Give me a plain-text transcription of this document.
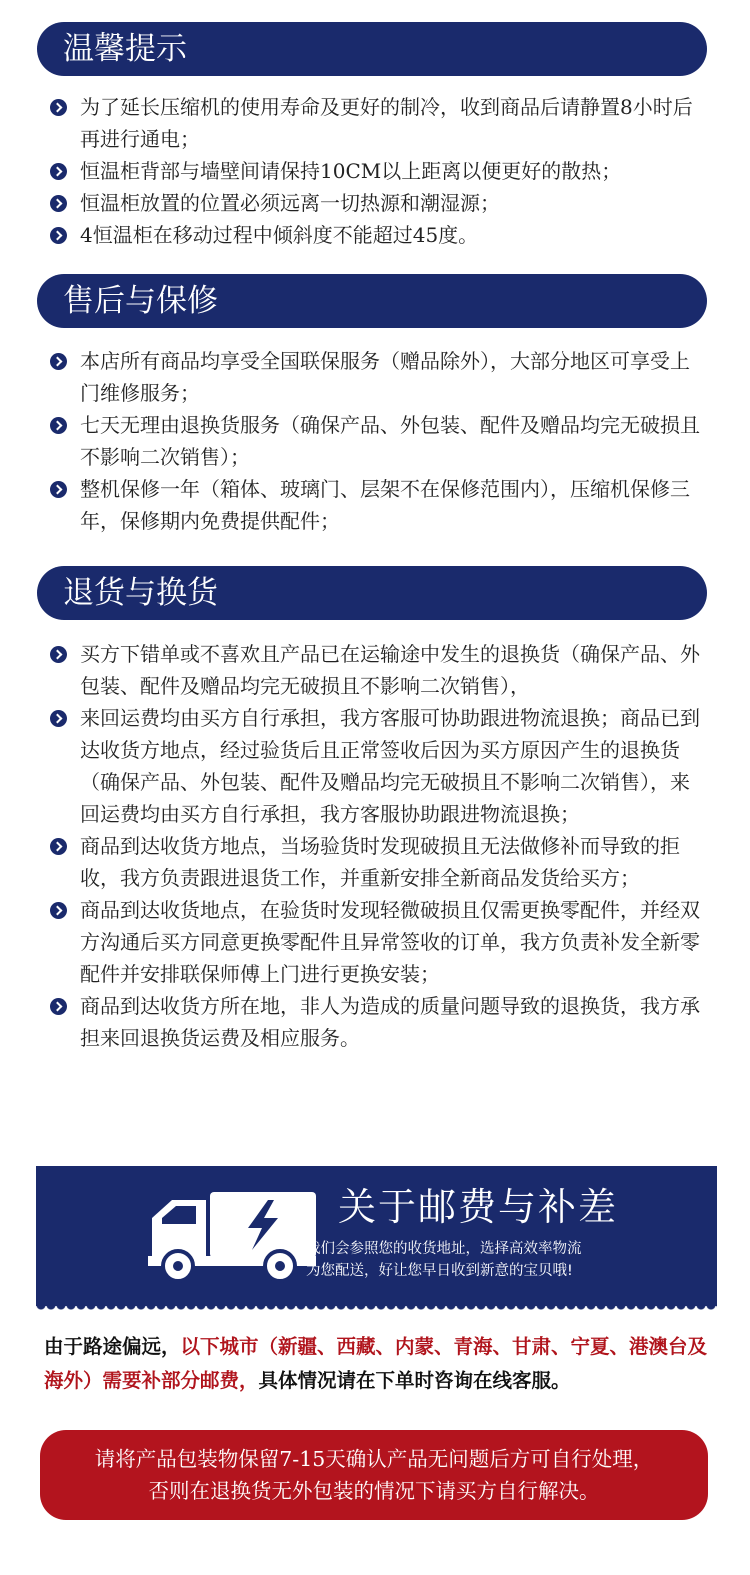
温馨提示
为了延长压缩机的使用寿命及更好的制冷，收到商品后请静置8小时后再进行通电；
恒温柜背部与墙壁间请保持10CM以上距离以便更好的散热；
恒温柜放置的位置必须远离一切热源和潮湿源；
4恒温柜在移动过程中倾斜度不能超过45度。
售后与保修
本店所有商品均享受全国联保服务（赠品除外），大部分地区可享受上门维修服务；
七天无理由退换货服务（确保产品、外包装、配件及赠品均完无破损且不影响二次销售）；
整机保修一年（箱体、玻璃门、层架不在保修范围内），压缩机保修三年，保修期内免费提供配件；
退货与换货
买方下错单或不喜欢且产品已在运输途中发生的退换货（确保产品、外包装、配件及赠品均完无破损且不影响二次销售），
来回运费均由买方自行承担，我方客服可协助跟进物流退换；商品已到达收货方地点，经过验货后且正常签收后因为买方原因产生的退换货（确保产品、外包装、配件及赠品均完无破损且不影响二次销售），来回运费均由买方自行承担，我方客服协助跟进物流退换；
商品到达收货方地点，当场验货时发现破损且无法做修补而导致的拒收，我方负责跟进退货工作，并重新安排全新商品发货给买方；
商品到达收货地点，在验货时发现轻微破损且仅需更换零配件，并经双方沟通后买方同意更换零配件且异常签收的订单，我方负责补发全新零配件并安排联保师傅上门进行更换安装；
商品到达收货方所在地，非人为造成的质量问题导致的退换货，我方承担来回退换货运费及相应服务。
关于邮费与补差
我们会参照您的收货地址，选择高效率物流
为您配送，好让您早日收到新意的宝贝哦!
由于路途偏远，以下城市（新疆、西藏、内蒙、青海、甘肃、宁夏、港澳台及海外）需要补部分邮费，具体情况请在下单时咨询在线客服。
请将产品包装物保留7-15天确认产品无问题后方可自行处理，
否则在退换货无外包装的情况下请买方自行解决。
